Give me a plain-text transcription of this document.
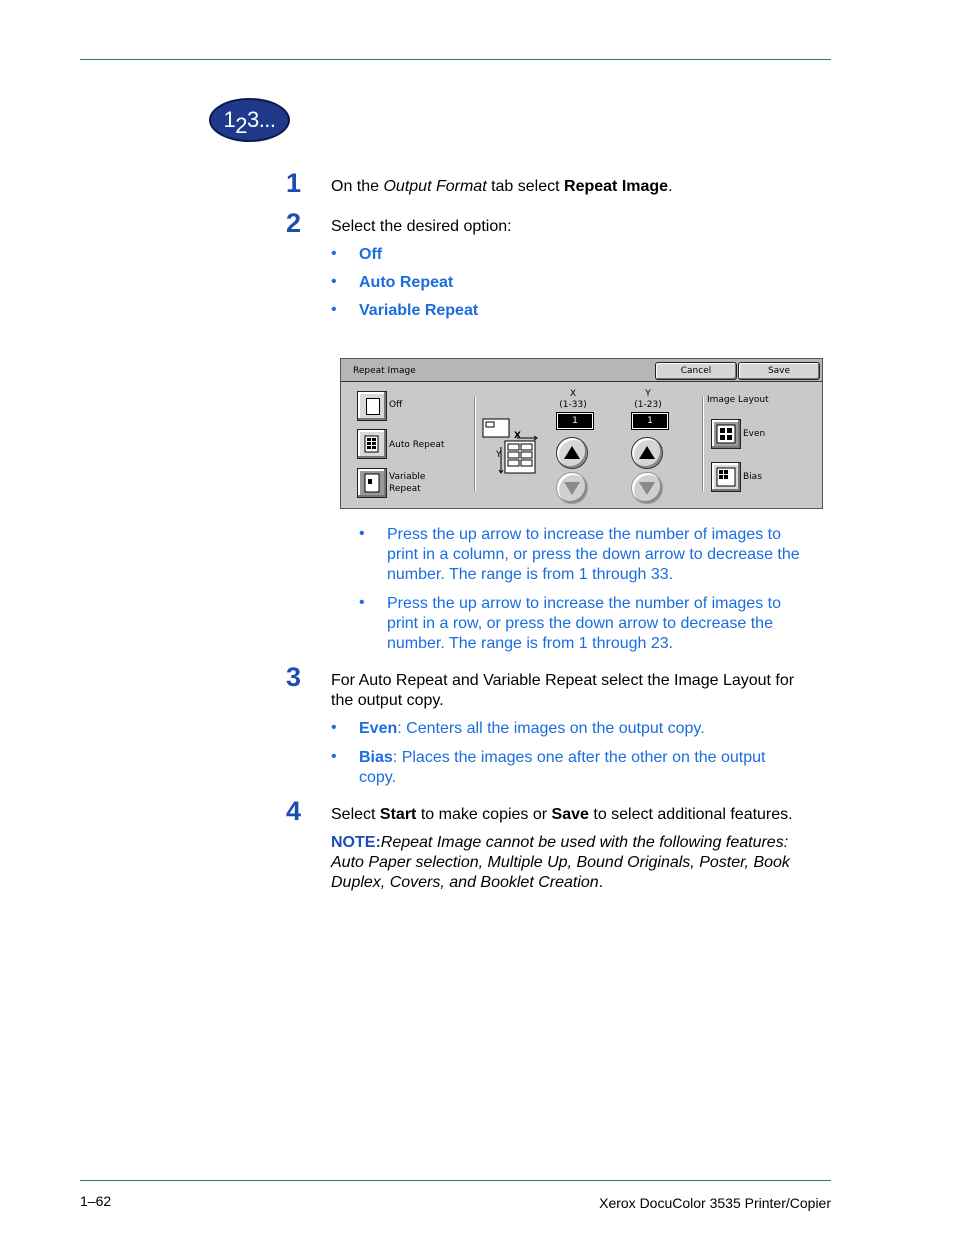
1 2 3...
1 On the Output Format tab select Repeat Image.
2 Select the desired option:
• Off
• Auto Repeat
• Variable Repeat
Repeat Image	Cancel	Save
Off
Auto Repeat
Variable
Repeat
X
Y
X
(1-33)
1
Y
(1-23)
1
Image Layout
Even
Bias
• Press the up arrow to increase the number of images to
print in a column, or press the down arrow to decrease the
number. The range is from 1 through 33.
• Press the up arrow to increase the number of images to
print in a row, or press the down arrow to decrease the
number. The range is from 1 through 23.
3 For Auto Repeat and Variable Repeat select the Image Layout for
the output copy.
• Even: Centers all the images on the output copy.
• Bias: Places the images one after the other on the output
copy.
4 Select Start to make copies or Save to select additional features.
NOTE:Repeat Image cannot be used with the following features:
Auto Paper selection, Multiple Up, Bound Originals, Poster, Book
Duplex, Covers, and Booklet Creation.
1–62	Xerox DocuColor 3535 Printer/Copier
